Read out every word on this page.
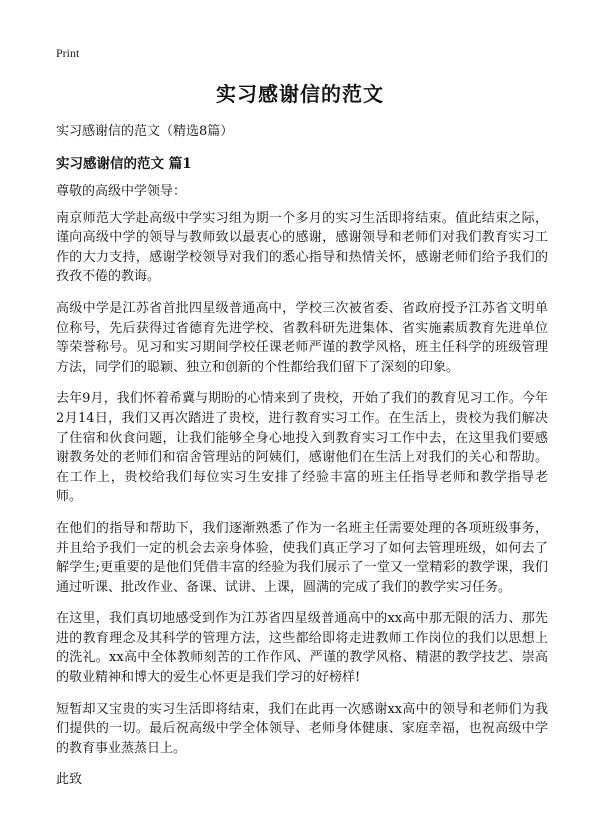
Print
实习感谢信的范文
实习感谢信的范文（精选8篇）
实习感谢信的范文 篇1

尊敬的高级中学领导：

南京师范大学赴高级中学实习组为期一个多月的实习生活即将结束。值此结束之际，谨向高级中学的领导与教师致以最衷心的感谢，感谢领导和老师们对我们教育实习工作的大力支持，感谢学校领导对我们的悉心指导和热情关怀，感谢老师们给予我们的孜孜不倦的教诲。

高级中学是江苏省首批四星级普通高中，学校三次被省委、省政府授予江苏省文明单位称号，先后获得过省德育先进学校、省教科研先进集体、省实施素质教育先进单位等荣誉称号。见习和实习期间学校任课老师严谨的教学风格，班主任科学的班级管理方法，同学们的聪颖、独立和创新的个性都给我们留下了深刻的印象。

去年9月，我们怀着希冀与期盼的心情来到了贵校，开始了我们的教育见习工作。今年2月14日，我们又再次踏进了贵校，进行教育实习工作。在生活上，贵校为我们解决了住宿和伙食问题，让我们能够全身心地投入到教育实习工作中去，在这里我们要感谢教务处的老师们和宿舍管理站的阿姨们，感谢他们在生活上对我们的关心和帮助。在工作上，贵校给我们每位实习生安排了经验丰富的班主任指导老师和教学指导老师。

在他们的指导和帮助下，我们逐渐熟悉了作为一名班主任需要处理的各项班级事务，并且给予我们一定的机会去亲身体验，使我们真正学习了如何去管理班级，如何去了解学生;更重要的是他们凭借丰富的经验为我们展示了一堂又一堂精彩的教学课，我们通过听课、批改作业、备课、试讲、上课，圆满的完成了我们的教学实习任务。

在这里，我们真切地感受到作为江苏省四星级普通高中的xx高中那无限的活力、那先进的教育理念及其科学的管理方法，这些都给即将走进教师工作岗位的我们以思想上的洗礼。xx高中全体教师刻苦的工作作风、严谨的教学风格、精湛的教学技艺、崇高的敬业精神和博大的爱生心怀更是我们学习的好榜样!

短暂却又宝贵的实习生活即将结束，我们在此再一次感谢xx高中的领导和老师们为我们提供的一切。最后祝高级中学全体领导、老师身体健康、家庭幸福，也祝高级中学的教育事业蒸蒸日上。

此致
